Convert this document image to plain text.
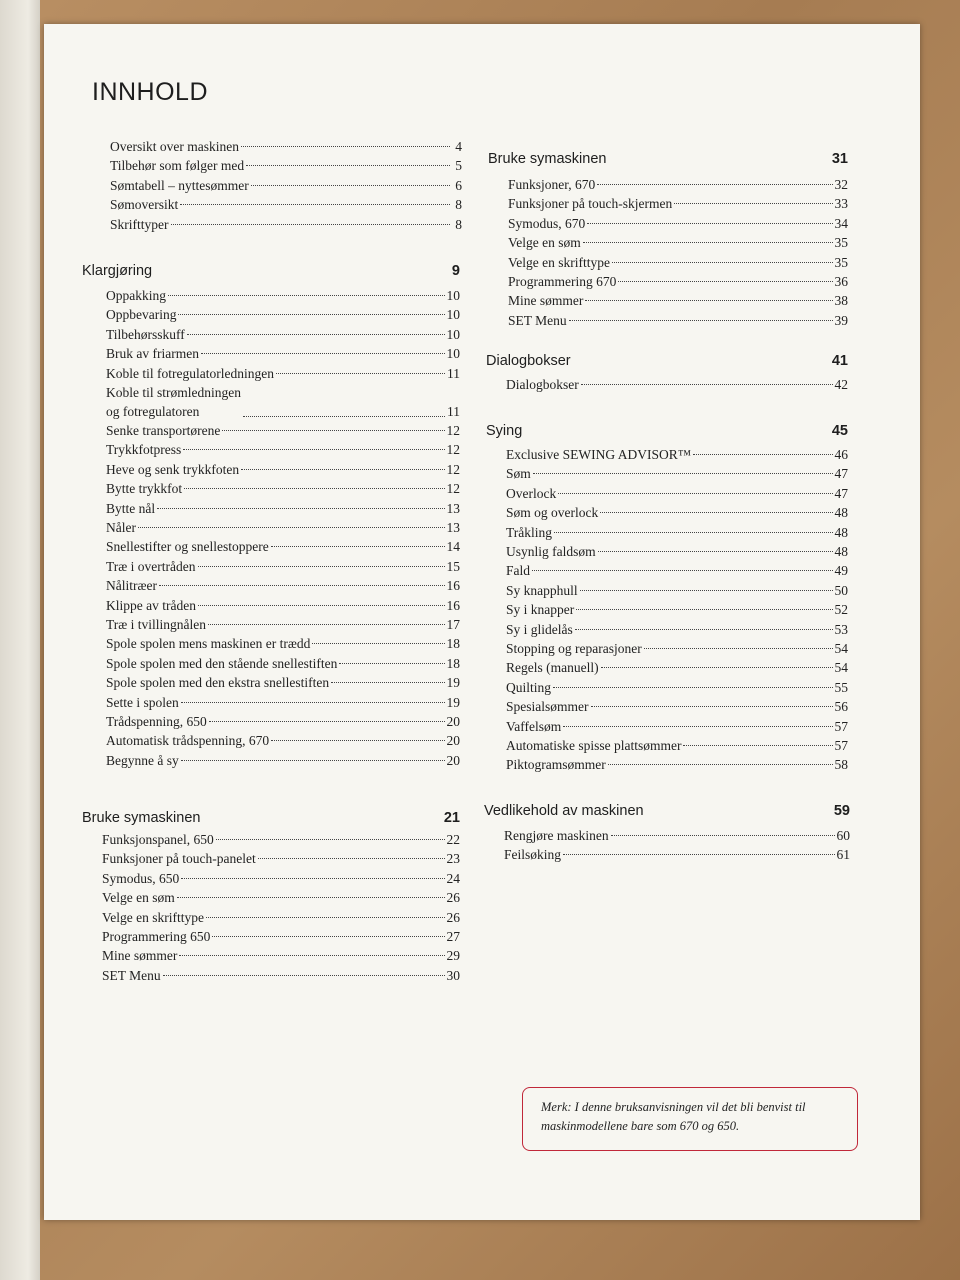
INNHOLD
Oversikt over maskinen	4
Tilbehør som følger med	5
Sømtabell – nyttesømmer	6
Sømoversikt	8
Skrifttyper	8
Klargjøring	9
Oppakking	10
Oppbevaring	10
Tilbehørsskuff	10
Bruk av friarmen	10
Koble til fotregulatorledningen	11
Koble til strømledningen
og fotregulatoren	11
Senke transportørene	12
Trykkfotpress	12
Heve og senk trykkfoten	12
Bytte trykkfot	12
Bytte nål	13
Nåler	13
Snellestifter og snellestoppere	14
Træ i overtråden	15
Nålitræer	16
Klippe av tråden	16
Træ i tvillingnålen	17
Spole spolen mens maskinen er trædd	18
Spole spolen med den stående snellestiften	18
Spole spolen med den ekstra snellestiften	19
Sette i spolen	19
Trådspenning, 650	20
Automatisk trådspenning, 670	20
Begynne å sy	20
Bruke symaskinen	21
Funksjonspanel, 650	22
Funksjoner på touch-panelet	23
Symodus, 650	24
Velge en søm	26
Velge en skrifttype	26
Programmering 650	27
Mine sømmer	29
SET Menu	30
Bruke symaskinen	31
Funksjoner, 670	32
Funksjoner på touch-skjermen	33
Symodus, 670	34
Velge en søm	35
Velge en skrifttype	35
Programmering 670	36
Mine sømmer	38
SET Menu	39
Dialogbokser	41
Dialogbokser	42
Sying	45
Exclusive SEWING ADVISOR™	46
Søm	47
Overlock	47
Søm og overlock	48
Tråkling	48
Usynlig faldsøm	48
Fald	49
Sy knapphull	50
Sy i knapper	52
Sy i glidelås	53
Stopping og reparasjoner	54
Regels (manuell)	54
Quilting	55
Spesialsømmer	56
Vaffelsøm	57
Automatiske spisse plattsømmer	57
Piktogramsømmer	58
Vedlikehold av maskinen	59
Rengjøre maskinen	60
Feilsøking	61
Merk: I denne bruksanvisningen vil det bli benvist til maskinmodellene bare som 670 og 650.
